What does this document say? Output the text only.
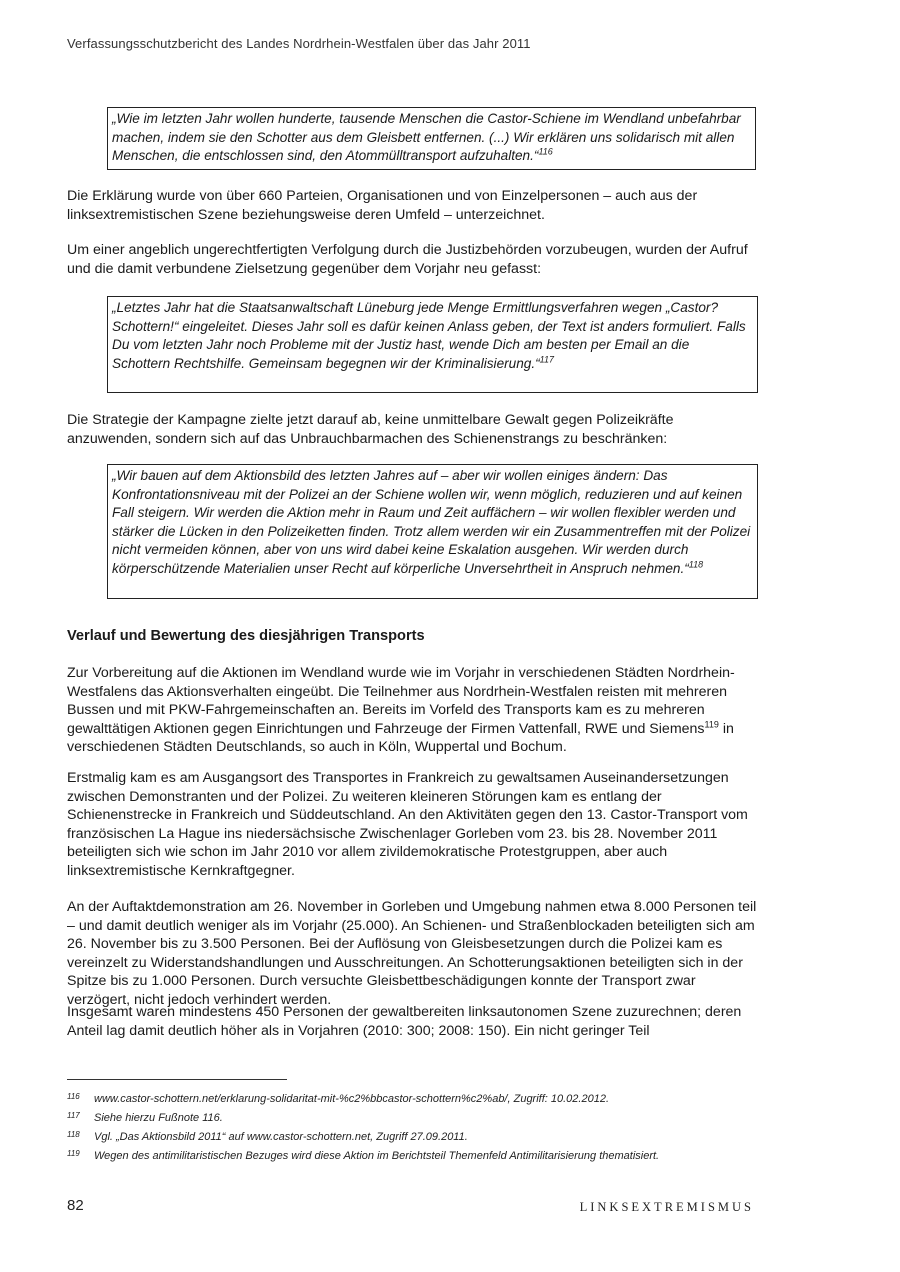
Verfassungsschutzbericht des Landes Nordrhein-Westfalen über das Jahr 2011
„Wie im letzten Jahr wollen hunderte, tausende Menschen die Castor-Schiene im Wendland unbefahrbar machen, indem sie den Schotter aus dem Gleisbett entfernen. (...) Wir erklären uns solidarisch mit allen Menschen, die entschlossen sind, den Atommülltransport aufzuhalten.“$^{116}$

Die Erklärung wurde von über 660 Parteien, Organisationen und von Einzelpersonen – auch aus der linksextremistischen Szene beziehungsweise deren Umfeld – unterzeichnet.

Um einer angeblich ungerechtfertigten Verfolgung durch die Justizbehörden vorzubeugen, wurden der Aufruf und die damit verbundene Zielsetzung gegenüber dem Vorjahr neu gefasst:

„Letztes Jahr hat die Staatsanwaltschaft Lüneburg jede Menge Ermittlungsverfahren wegen „Castor? Schottern!“ eingeleitet. Dieses Jahr soll es dafür keinen Anlass geben, der Text ist anders formuliert. Falls Du vom letzten Jahr noch Probleme mit der Justiz hast, wende Dich am besten per Email an die Schottern Rechtshilfe. Gemeinsam begegnen wir der Kriminalisierung.“$^{117}$

Die Strategie der Kampagne zielte jetzt darauf ab, keine unmittelbare Gewalt gegen Polizeikräfte anzuwenden, sondern sich auf das Unbrauchbarmachen des Schienenstrangs zu beschränken:

„Wir bauen auf dem Aktionsbild des letzten Jahres auf – aber wir wollen einiges ändern: Das Konfrontationsniveau mit der Polizei an der Schiene wollen wir, wenn möglich, reduzieren und auf keinen Fall steigern. Wir werden die Aktion mehr in Raum und Zeit auffächern – wir wollen flexibler werden und stärker die Lücken in den Polizeiketten finden. Trotz allem werden wir ein Zusammentreffen mit der Polizei nicht vermeiden können, aber von uns wird dabei keine Eskalation ausgehen. Wir werden durch körperschützende Materialien unser Recht auf körperliche Unversehrtheit in Anspruch nehmen.“$^{118}$
Verlauf und Bewertung des diesjährigen Transports

Zur Vorbereitung auf die Aktionen im Wendland wurde wie im Vorjahr in verschiedenen Städten Nordrhein-Westfalens das Aktionsverhalten eingeübt. Die Teilnehmer aus Nordrhein-Westfalen reisten mit mehreren Bussen und mit PKW-Fahrgemeinschaften an. Bereits im Vorfeld des Transports kam es zu mehreren gewalttätigen Aktionen gegen Einrichtungen und Fahrzeuge der Firmen Vattenfall, RWE und Siemens$^{119}$ in verschiedenen Städten Deutschlands, so auch in Köln, Wuppertal und Bochum.

Erstmalig kam es am Ausgangsort des Transportes in Frankreich zu gewaltsamen Auseinandersetzungen zwischen Demonstranten und der Polizei. Zu weiteren kleineren Störungen kam es entlang der Schienenstrecke in Frankreich und Süddeutschland. An den Aktivitäten gegen den 13. Castor-Transport vom französischen La Hague ins niedersächsische Zwischenlager Gorleben vom 23. bis 28. November 2011 beteiligten sich wie schon im Jahr 2010 vor allem zivildemokratische Protestgruppen, aber auch linksextremistische Kernkraftgegner.

An der Auftaktdemonstration am 26. November in Gorleben und Umgebung nahmen etwa 8.000 Personen teil – und damit deutlich weniger als im Vorjahr (25.000). An Schienen- und Straßenblockaden beteiligten sich am 26. November bis zu 3.500 Personen. Bei der Auflösung von Gleisbesetzungen durch die Polizei kam es vereinzelt zu Widerstandshandlungen und Ausschreitungen. An Schotterungsaktionen beteiligten sich in der Spitze bis zu 1.000 Personen. Durch versuchte Gleisbettbeschädigungen konnte der Transport zwar verzögert, nicht jedoch verhindert werden.

Insgesamt waren mindestens 450 Personen der gewaltbereiten linksautonomen Szene zuzurechnen; deren Anteil lag damit deutlich höher als in Vorjahren (2010: 300; 2008: 150). Ein nicht geringer Teil

116	www.castor-schottern.net/erklarung-solidaritat-mit-%c2%bbcastor-schottern%c2%ab/, Zugriff: 10.02.2012.
117	Siehe hierzu Fußnote 116.
118	Vgl. „Das Aktionsbild 2011“ auf www.castor-schottern.net, Zugriff 27.09.2011.
119	Wegen des antimilitaristischen Bezuges wird diese Aktion im Berichtsteil Themenfeld Antimilitarisierung thematisiert.
82	LINKSEXTREMISMUS
